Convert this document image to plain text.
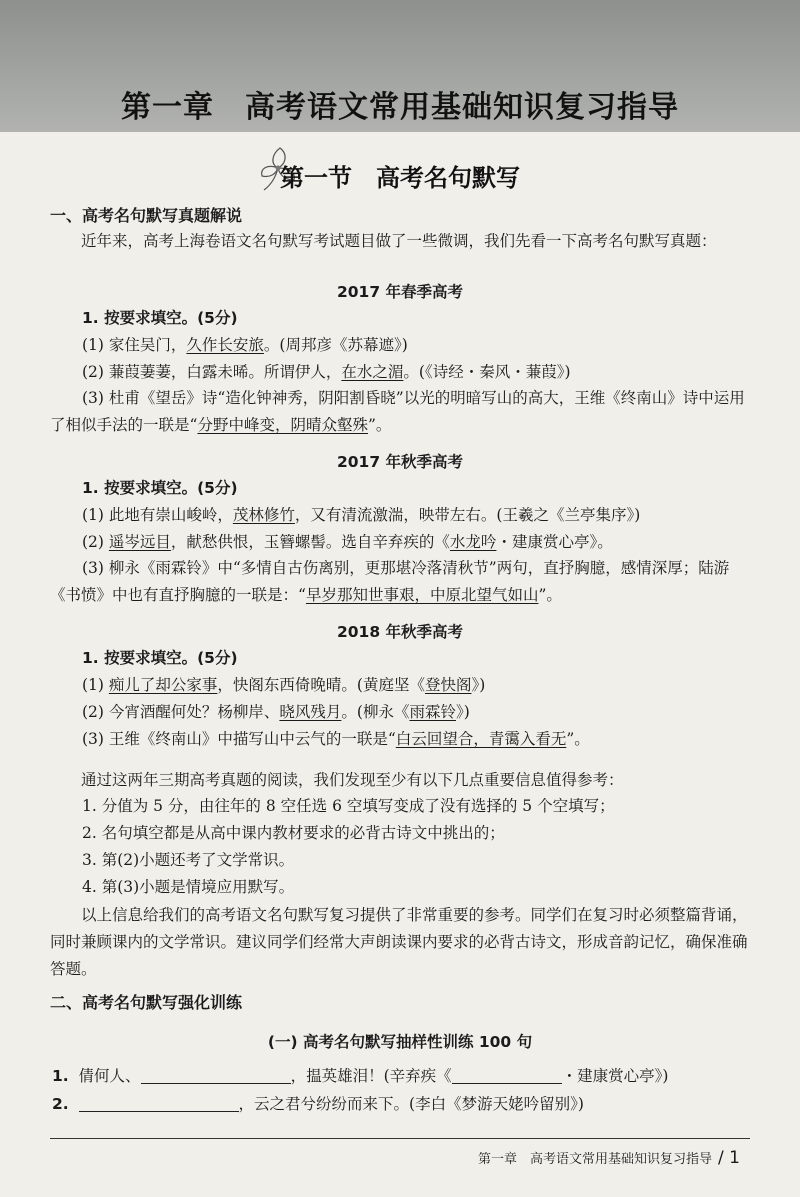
第一章　高考语文常用基础知识复习指导
第一节　高考名句默写
一、高考名句默写真题解说
近年来，高考上海卷语文名句默写考试题目做了一些微调，我们先看一下高考名句默写真题：
2017 年春季高考
1. 按要求填空。(5分)
(1) 家住吴门，久作长安旅。(周邦彦《苏幕遮》)
(2) 蒹葭萋萋，白露未晞。所谓伊人，在水之湄。(《诗经・秦风・蒹葭》)
(3) 杜甫《望岳》诗“造化钟神秀，阴阳割昏晓”以光的明暗写山的高大，王维《终南山》诗中运用了相似手法的一联是“分野中峰变，阴晴众壑殊”。
2017 年秋季高考
1. 按要求填空。(5分)
(1) 此地有崇山峻岭，茂林修竹，又有清流激湍，映带左右。(王羲之《兰亭集序》)
(2) 遥岑远目，献愁供恨，玉簪螺髻。选自辛弃疾的《水龙吟・建康赏心亭》。
(3) 柳永《雨霖铃》中“多情自古伤离别，更那堪冷落清秋节”两句，直抒胸臆，感情深厚；陆游《书愤》中也有直抒胸臆的一联是：“早岁那知世事艰，中原北望气如山”。
2018 年秋季高考
1. 按要求填空。(5分)
(1) 痴儿了却公家事，快阁东西倚晚晴。(黄庭坚《登快阁》)
(2) 今宵酒醒何处？杨柳岸、晓风残月。(柳永《雨霖铃》)
(3) 王维《终南山》中描写山中云气的一联是“白云回望合，青霭入看无”。
通过这两年三期高考真题的阅读，我们发现至少有以下几点重要信息值得参考：
1. 分值为 5 分，由往年的 8 空任选 6 空填写变成了没有选择的 5 个空填写；
2. 名句填空都是从高中课内教材要求的必背古诗文中挑出的；
3. 第(2)小题还考了文学常识。
4. 第(3)小题是情境应用默写。
以上信息给我们的高考语文名句默写复习提供了非常重要的参考。同学们在复习时必须整篇背诵，同时兼顾课内的文学常识。建议同学们经常大声朗读课内要求的必背古诗文，形成音韵记忆，确保准确答题。
二、高考名句默写强化训练
(一) 高考名句默写抽样性训练 100 句
1. 倩何人、	，揾英雄泪！(辛弃疾《	・建康赏心亭》)
2.	，云之君兮纷纷而来下。(李白《梦游天姥吟留别》)
第一章　高考语文常用基础知识复习指导 / 1
